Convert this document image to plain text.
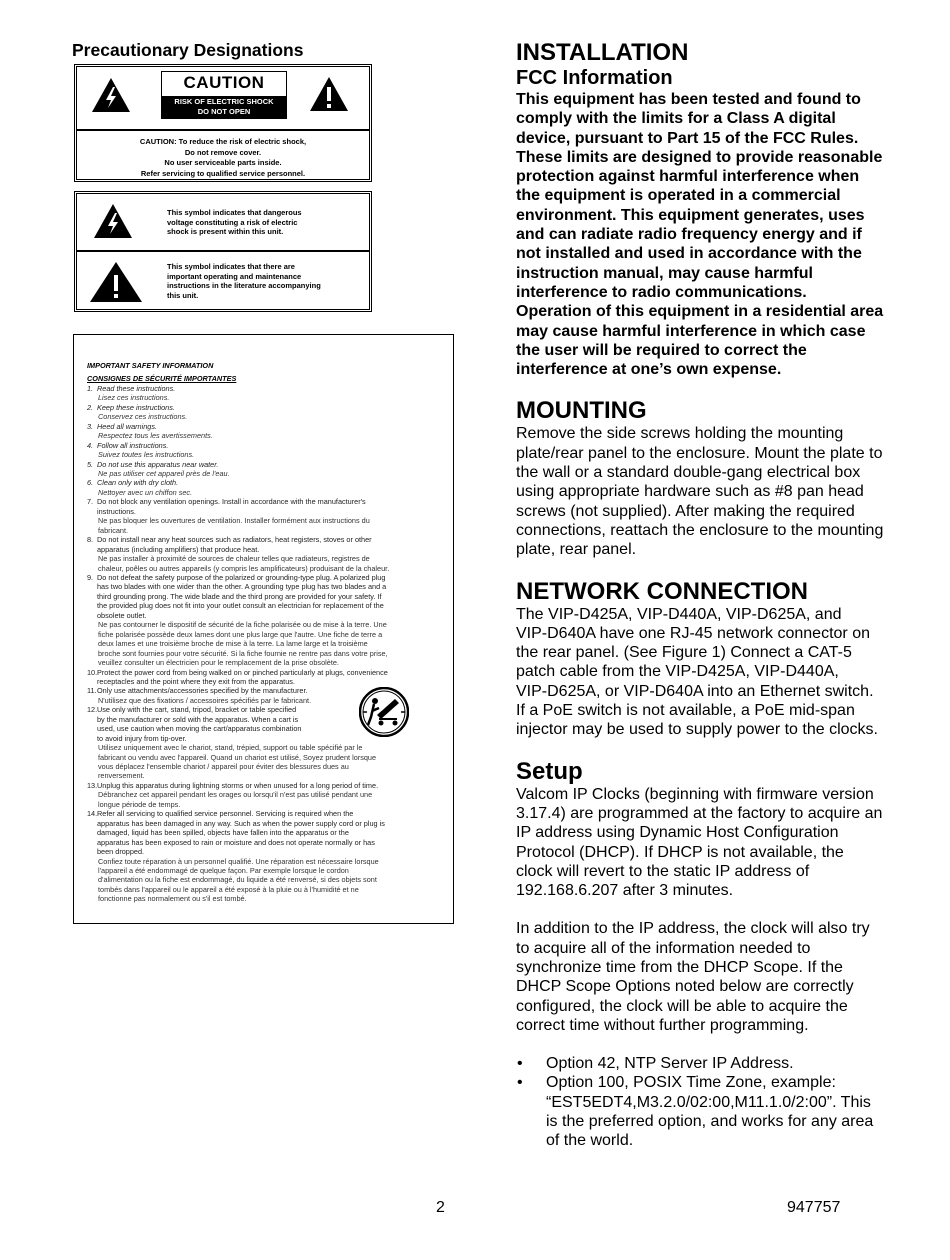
Precautionary Designations
CAUTION
RISK OF ELECTRIC SHOCK
DO NOT OPEN
CAUTION: To reduce the risk of electric shock,
Do not remove cover.
No user serviceable parts inside.
Refer servicing to qualified service personnel.
This symbol indicates that dangerous
voltage constituting a risk of electric
shock is present within this unit.
This symbol indicates that there are
important operating and maintenance
instructions in the literature accompanying
this unit.
IMPORTANT SAFETY INFORMATION
CONSIGNES DE SÉCURITÉ IMPORTANTES
1. Read these instructions.
Lisez ces instructions.
2. Keep these instructions.
Conservez ces instructions.
3. Heed all warnings.
Respectez tous les avertissements.
4. Follow all instructions.
Suivez toutes les instructions.
5. Do not use this apparatus near water.
Ne pas utiliser cet appareil près de l'eau.
6. Clean only with dry cloth.
Nettoyer avec un chiffon sec.
7. Do not block any ventilation openings. Install in accordance with the manufacturer's
instructions.
Ne pas bloquer les ouvertures de ventilation. Installer formément aux instructions du
fabricant.
8. Do not install near any heat sources such as radiators, heat registers, stoves or other
apparatus (including amplifiers) that produce heat.
Ne pas installer à proximité de sources de chaleur telles que radiateurs, registres de
chaleur, poêles ou autres appareils (y compris les amplificateurs) produisant de la chaleur.
9. Do not defeat the safety purpose of the polarized or grounding-type plug. A polarized plug
has two blades with one wider than the other. A grounding type plug has two blades and a
third grounding prong. The wide blade and the third prong are provided for your safety. If
the provided plug does not fit into your outlet consult an electrician for replacement of the
obsolete outlet.
Ne pas contourner le dispositif de sécurité de la fiche polarisée ou de mise à la terre. Une
fiche polarisée possède deux lames dont une plus large que l'autre. Une fiche de terre a
deux lames et une troisième broche de mise à la terre. La lame large et la troisième
broche sont fournies pour votre sécurité. Si la fiche fournie ne rentre pas dans votre prise,
veuillez consulter un électricien pour le remplacement de la prise obsolète.
10. Protect the power cord from being walked on or pinched particularly at plugs, convenience
receptacles and the point where they exit from the apparatus.
11. Only use attachments/accessories specified by the manufacturer.
N'utilisez que des fixations / accessoires spécifiés par le fabricant.
12. Use only with the cart, stand, tripod, bracket or table specified
by the manufacturer or sold with the apparatus. When a cart is
used, use caution when moving the cart/apparatus combination
to avoid injury from tip-over.
Utilisez uniquement avec le chariot, stand, trépied, support ou table spécifié par le
fabricant ou vendu avec l'appareil. Quand un chariot est utilisé, Soyez prudent lorsque
vous déplacez l'ensemble chariot / appareil pour éviter des blessures dues au
renversement.
13. Unplug this apparatus during lightning storms or when unused for a long period of time.
Débranchez cet appareil pendant les orages ou lorsqu'il n'est pas utilisé pendant une
longue période de temps.
14. Refer all servicing to qualified service personnel. Servicing is required when the
apparatus has been damaged in any way. Such as when the power supply cord or plug is
damaged, liquid has been spilled, objects have fallen into the apparatus or the
apparatus has been exposed to rain or moisture and does not operate normally or has
been dropped.
Confiez toute réparation à un personnel qualifié. Une réparation est nécessaire lorsque
l'appareil a été endommagé de quelque façon. Par exemple lorsque le cordon
d'alimentation ou la fiche est endommagé, du liquide a été renversé, si des objets sont
tombés dans l'appareil ou le appareil a été exposé à la pluie ou à l'humidité et ne
fonctionne pas normalement ou s'il est tombé.
INSTALLATION
FCC Information

This equipment has been tested and found to

comply with the limits for a Class A digital

device, pursuant to Part 15 of the FCC Rules.

These limits are designed to provide reasonable

protection against harmful interference when

the equipment is operated in a commercial

environment. This equipment generates, uses

and can radiate radio frequency energy and if

not installed and used in accordance with the

instruction manual, may cause harmful

interference to radio communications.

Operation of this equipment in a residential area

may cause harmful interference in which case

the user will be required to correct the

interference at one’s own expense.

MOUNTING

Remove the side screws holding the mounting

plate/rear panel to the enclosure. Mount the plate to

the wall or a standard double-gang electrical box

using appropriate hardware such as #8 pan head

screws (not supplied). After making the required

connections, reattach the enclosure to the mounting

plate, rear panel.

NETWORK CONNECTION

The VIP-D425A, VIP-D440A, VIP-D625A, and

VIP-D640A have one RJ-45 network connector on

the rear panel. (See Figure 1) Connect a CAT-5

patch cable from the VIP-D425A, VIP-D440A,

VIP-D625A, or VIP-D640A into an Ethernet switch.

If a PoE switch is not available, a PoE mid-span

injector may be used to supply power to the clocks.

Setup

Valcom IP Clocks (beginning with firmware version

3.17.4) are programmed at the factory to acquire an

IP address using Dynamic Host Configuration

Protocol (DHCP). If DHCP is not available, the

clock will revert to the static IP address of

192.168.6.207 after 3 minutes.

In addition to the IP address, the clock will also try

to acquire all of the information needed to

synchronize time from the DHCP Scope. If the

DHCP Scope Options noted below are correctly

configured, the clock will be able to acquire the

correct time without further programming.

• Option 42, NTP Server IP Address.
• Option 100, POSIX Time Zone, example:
“EST5EDT4,M3.2.0/02:00,M11.1.0/2:00”. This
is the preferred option, and works for any area
of the world.
2	947757
